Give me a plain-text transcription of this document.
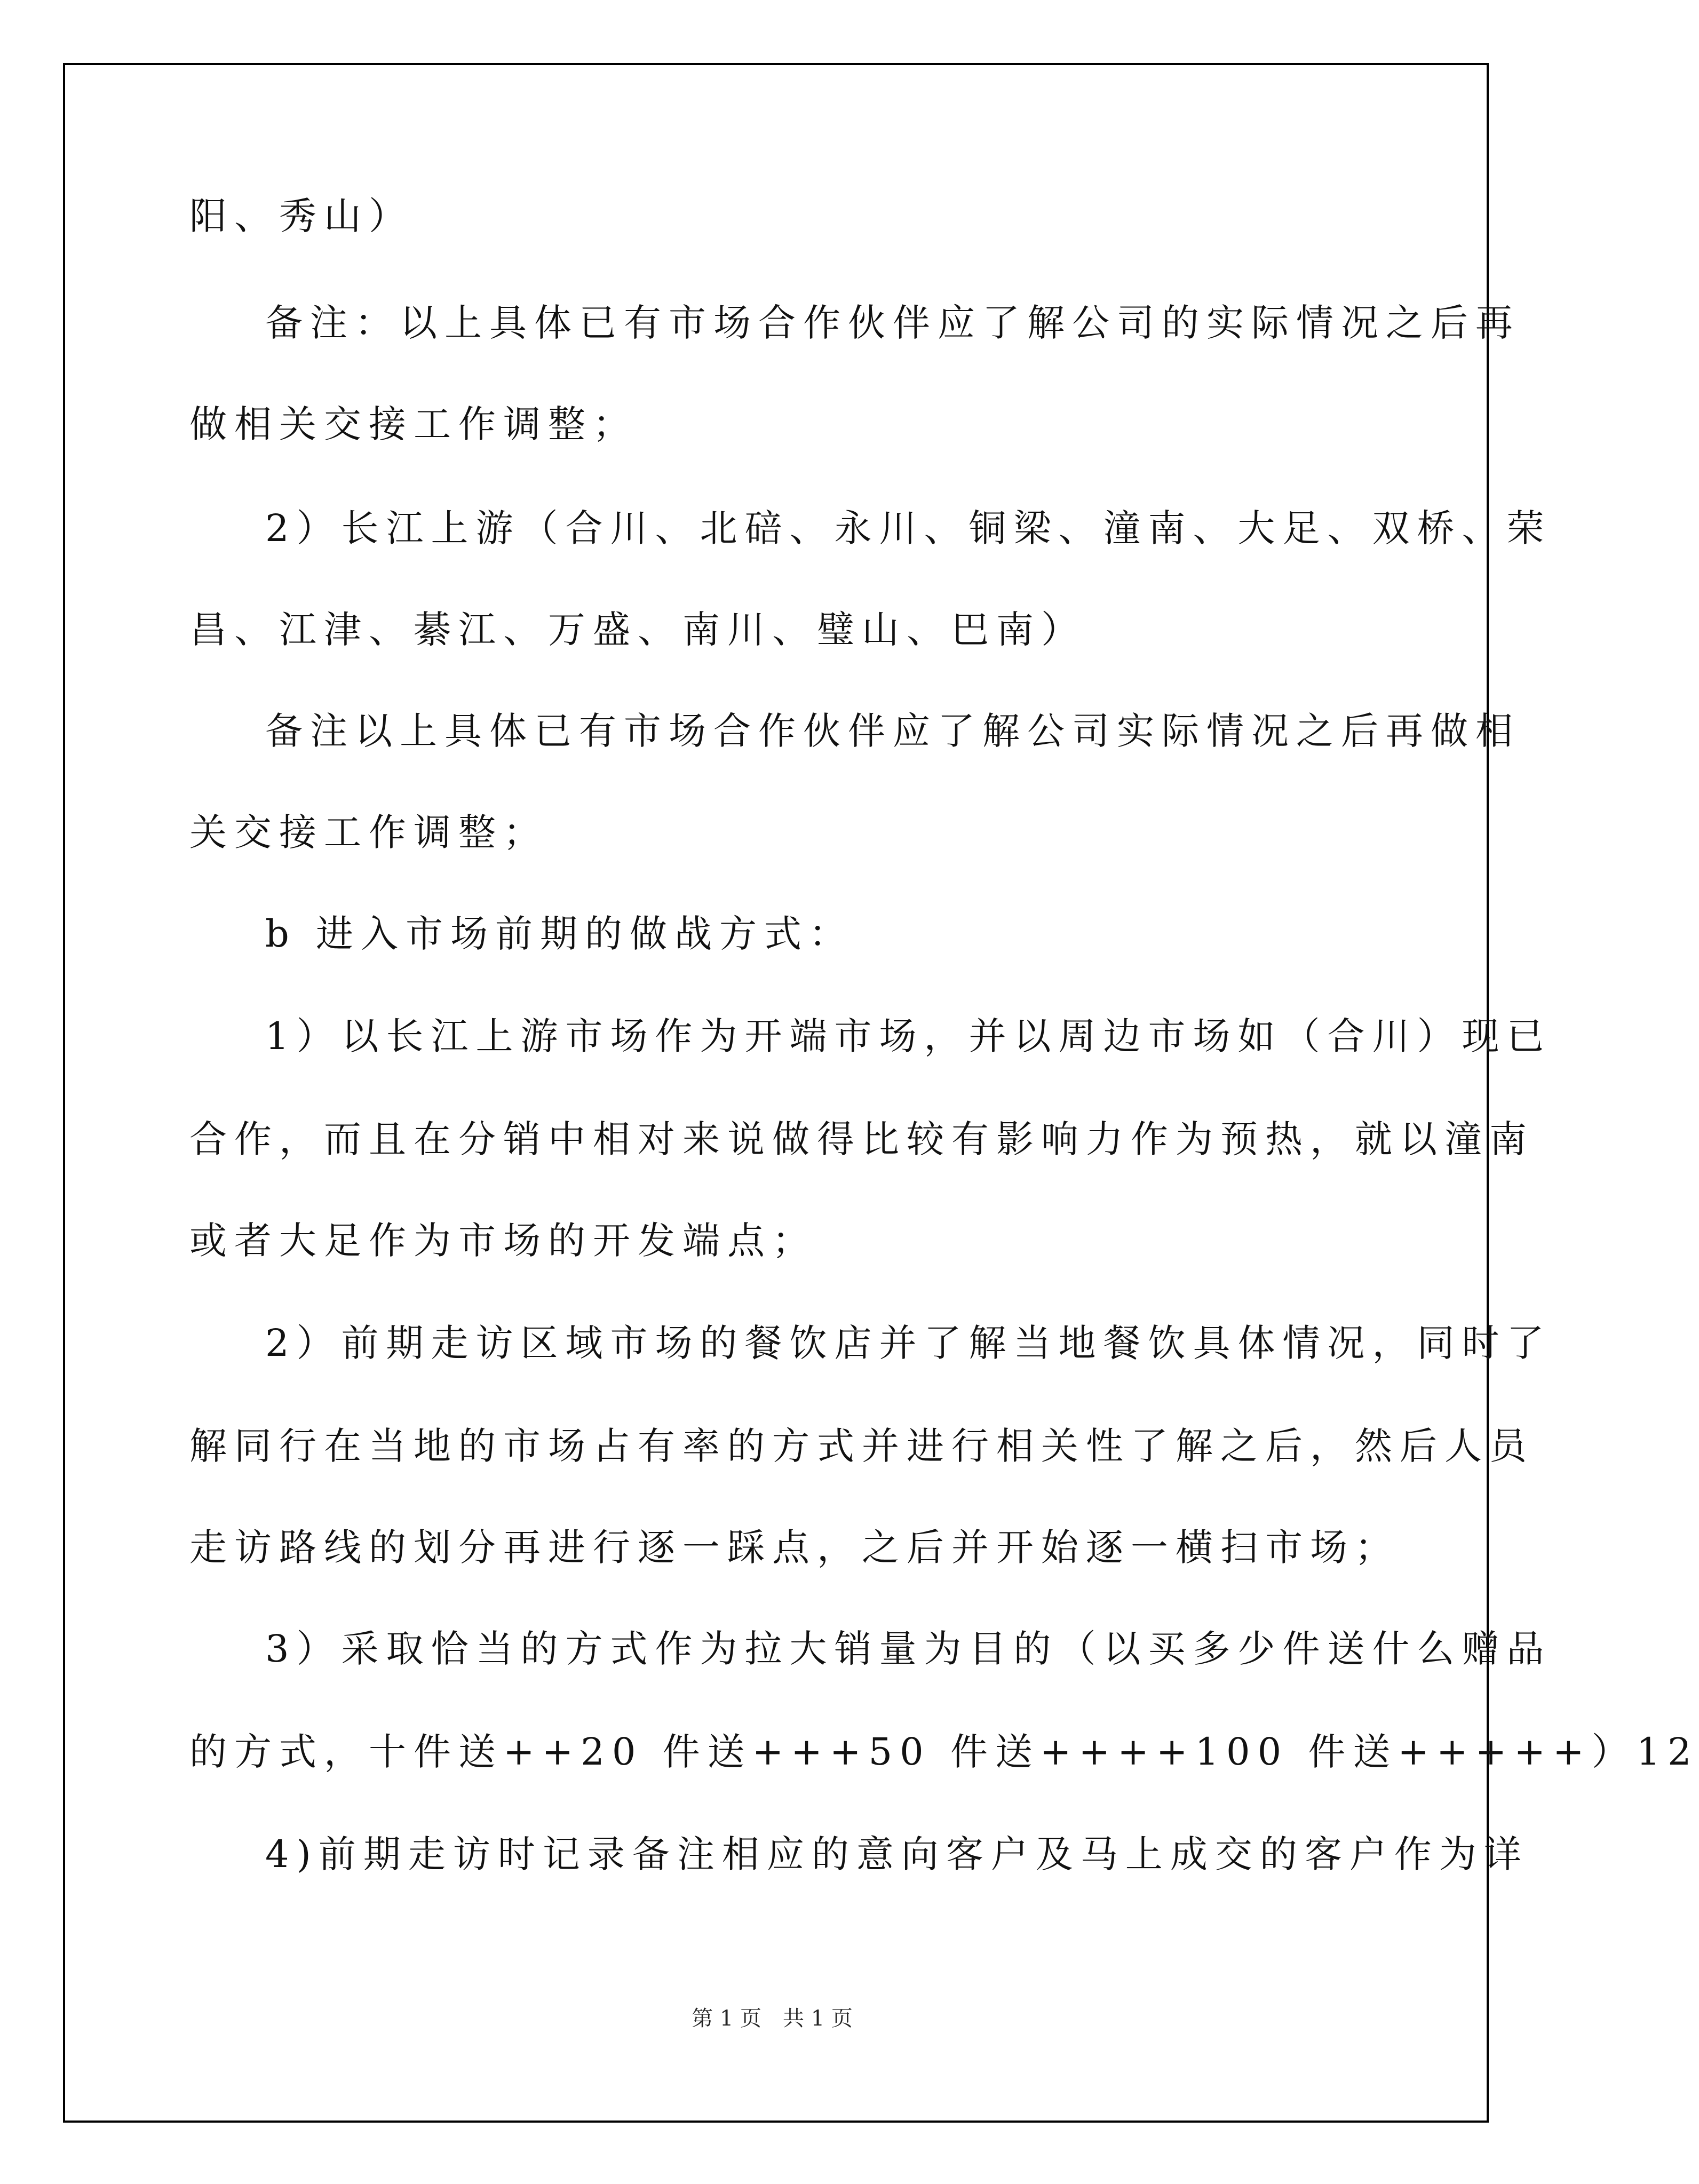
阳、秀山）
备注：以上具体已有市场合作伙伴应了解公司的实际情况之后再
做相关交接工作调整；
2）长江上游（合川、北碚、永川、铜梁、潼南、大足、双桥、荣
昌、江津、綦江、万盛、南川、璧山、巴南）
备注以上具体已有市场合作伙伴应了解公司实际情况之后再做相
关交接工作调整；
b 进入市场前期的做战方式：
1）以长江上游市场作为开端市场，并以周边市场如（合川）现已
合作，而且在分销中相对来说做得比较有影响力作为预热，就以潼南
或者大足作为市场的开发端点；
2）前期走访区域市场的餐饮店并了解当地餐饮具体情况，同时了
解同行在当地的市场占有率的方式并进行相关性了解之后，然后人员
走访路线的划分再进行逐一踩点，之后并开始逐一横扫市场；
3）采取恰当的方式作为拉大销量为目的（以买多少件送什么赠品
的方式，十件送++20 件送+++50 件送++++100 件送+++++）12
4)前期走访时记录备注相应的意向客户及马上成交的客户作为详
第 1 页　共 1 页
